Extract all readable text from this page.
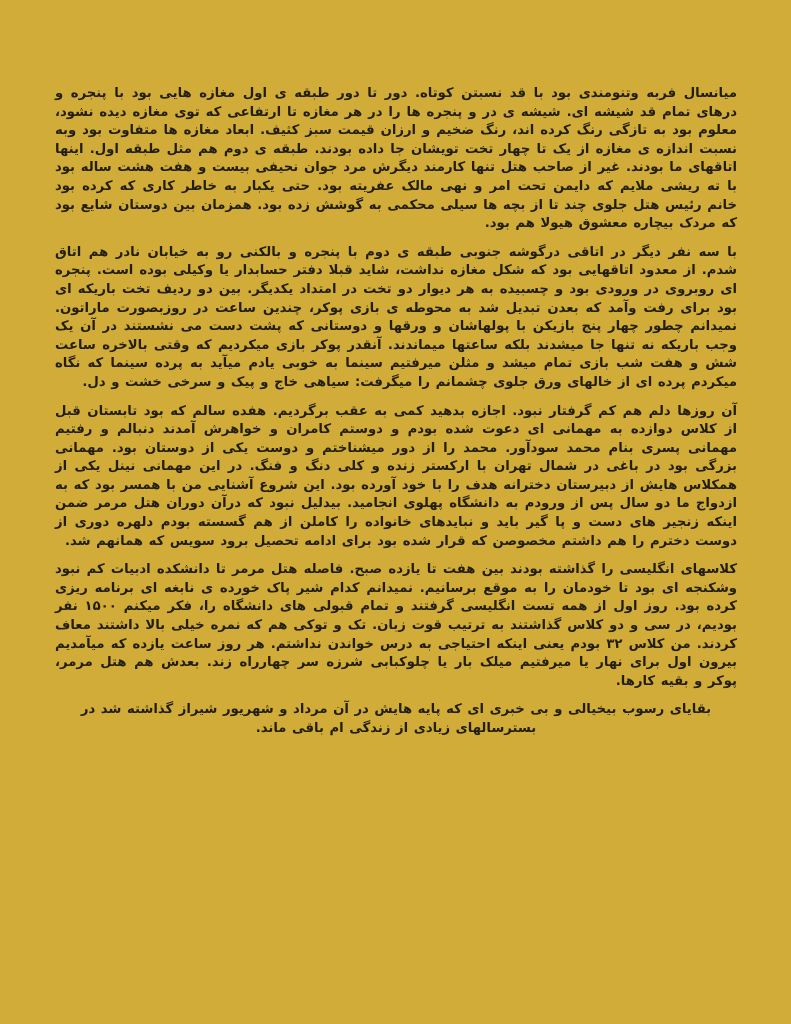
میانسال فربه وتنومندی بود با قد نسبتن کوتاه. دور تا دور طبقه ی اول مغازه هایی بود با پنجره و درهای تمام قد شیشه ای. شیشه ی در و پنجره ها را در هر مغازه تا ارتفاعی که توی مغازه دیده نشود، معلوم بود به تازگی رنگ کرده اند، رنگ ضخیم و ارزان قیمت سبز کثیف. ابعاد مغازه ها متفاوت بود وبه نسبت اندازه ی مغازه از یک تا چهار تخت تویشان جا داده بودند. طبقه ی دوم هم مثل طبقه اول. اینها اتاقهای ما بودند. غیر از صاحب هتل تنها کارمند دیگرش مرد جوان نحیفی بیست و هفت هشت ساله بود با ته ریشی ملایم که دایمن تحت امر و نهی مالک عفریته بود. حتی یکبار به خاطر کاری که کرده بود خانم رئیس هتل جلوی چند تا از بچه ها سیلی محکمی به گوشش زده بود. همزمان بین دوستان شایع بود که مردک بیچاره معشوق هیولا هم بود.

با سه نفر دیگر در اتاقی درگوشه جنوبی طبقه ی دوم با پنجره و بالکنی رو به خیابان نادر هم اتاق شدم. از معدود اتاقهایی بود که شکل مغازه نداشت، شاید قبلا دفتر حسابدار یا وکیلی بوده است. پنجره ای روبروی در ورودی بود و چسبیده به هر دیوار دو تخت در امتداد یکدیگر. بین دو ردیف تخت باریکه ای بود برای رفت وآمد که بعدن تبدیل شد به محوطه ی بازی پوکر، چندین ساعت در روزبصورت ماراتون. نمیدانم چطور چهار پنج بازیکن با پولهاشان و ورقها و دوستانی که پشت دست می نشستند در آن یک وجب باریکه نه تنها جا میشدند بلکه ساعتها میماندند. آنقدر پوکر بازی میکردیم که وقتی بالاخره ساعت شش و هفت شب بازی تمام میشد و مثلن میرفتیم سینما به خوبی یادم میآید به پرده سینما که نگاه میکردم پرده ای از خالهای ورق جلوی چشمانم را میگرفت: سیاهی خاج و پیک و سرخی خشت و دل.

آن روزها دلم هم کم گرفتار نبود. اجازه بدهید کمی به عقب برگردیم. هفده سالم که بود تابستان قبل از کلاس دوازده به مهمانی ای دعوت شده بودم و دوستم کامران و خواهرش آمدند دنبالم و رفتیم مهمانی پسری بنام محمد سودآور. محمد را از دور میشناختم و دوست یکی از دوستان بود. مهمانی بزرگی بود در باغی در شمال تهران با ارکستر زنده و کلی دنگ و فنگ. در این مهمانی نینل یکی از همکلاس هایش از دبیرستان دخترانه هدف را با خود آورده بود. این شروع آشنایی من با همسر بود که به ازدواج ما دو سال پس از ورودم به دانشگاه پهلوی انجامید. بیدلیل نبود که درآن دوران هتل مرمر ضمن اینکه زنجیر های دست و پا گیر باید و نبایدهای خانواده را کاملن از هم گسسته بودم دلهره دوری از دوست دخترم را هم داشتم مخصوصن که قرار شده بود برای ادامه تحصیل برود سویس که همانهم شد.

کلاسهای انگلیسی را گذاشته بودند بین هفت تا یازده صبح. فاصله هتل مرمر تا دانشکده ادبیات کم نبود وشکنجه ای بود تا خودمان را به موقع برسانیم. نمیدانم کدام شیر پاک خورده ی نابغه ای برنامه ریزی کرده بود. روز اول از همه تست انگلیسی گرفتند و تمام قبولی های دانشگاه را، فکر میکنم ۱۵۰۰ نفر بودیم، در سی و دو کلاس گذاشتند به ترتیب قوت زبان. تک و توکی هم که نمره خیلی بالا داشتند معاف کردند. من کلاس ۳۲ بودم یعنی اینکه احتیاجی به درس خواندن نداشتم. هر روز ساعت یازده که میآمدیم بیرون اول برای نهار یا میرفتیم میلک بار یا چلوکبابی شرزه سر چهارراه زند. بعدش هم هتل مرمر، پوکر و بقیه کارها.

بقایای رسوب بیخیالی و بی خبری ای که پایه هایش در آن مرداد و شهریور شیراز گذاشته شد در بسترسالهای زیادی از زندگی ام باقی ماند.
